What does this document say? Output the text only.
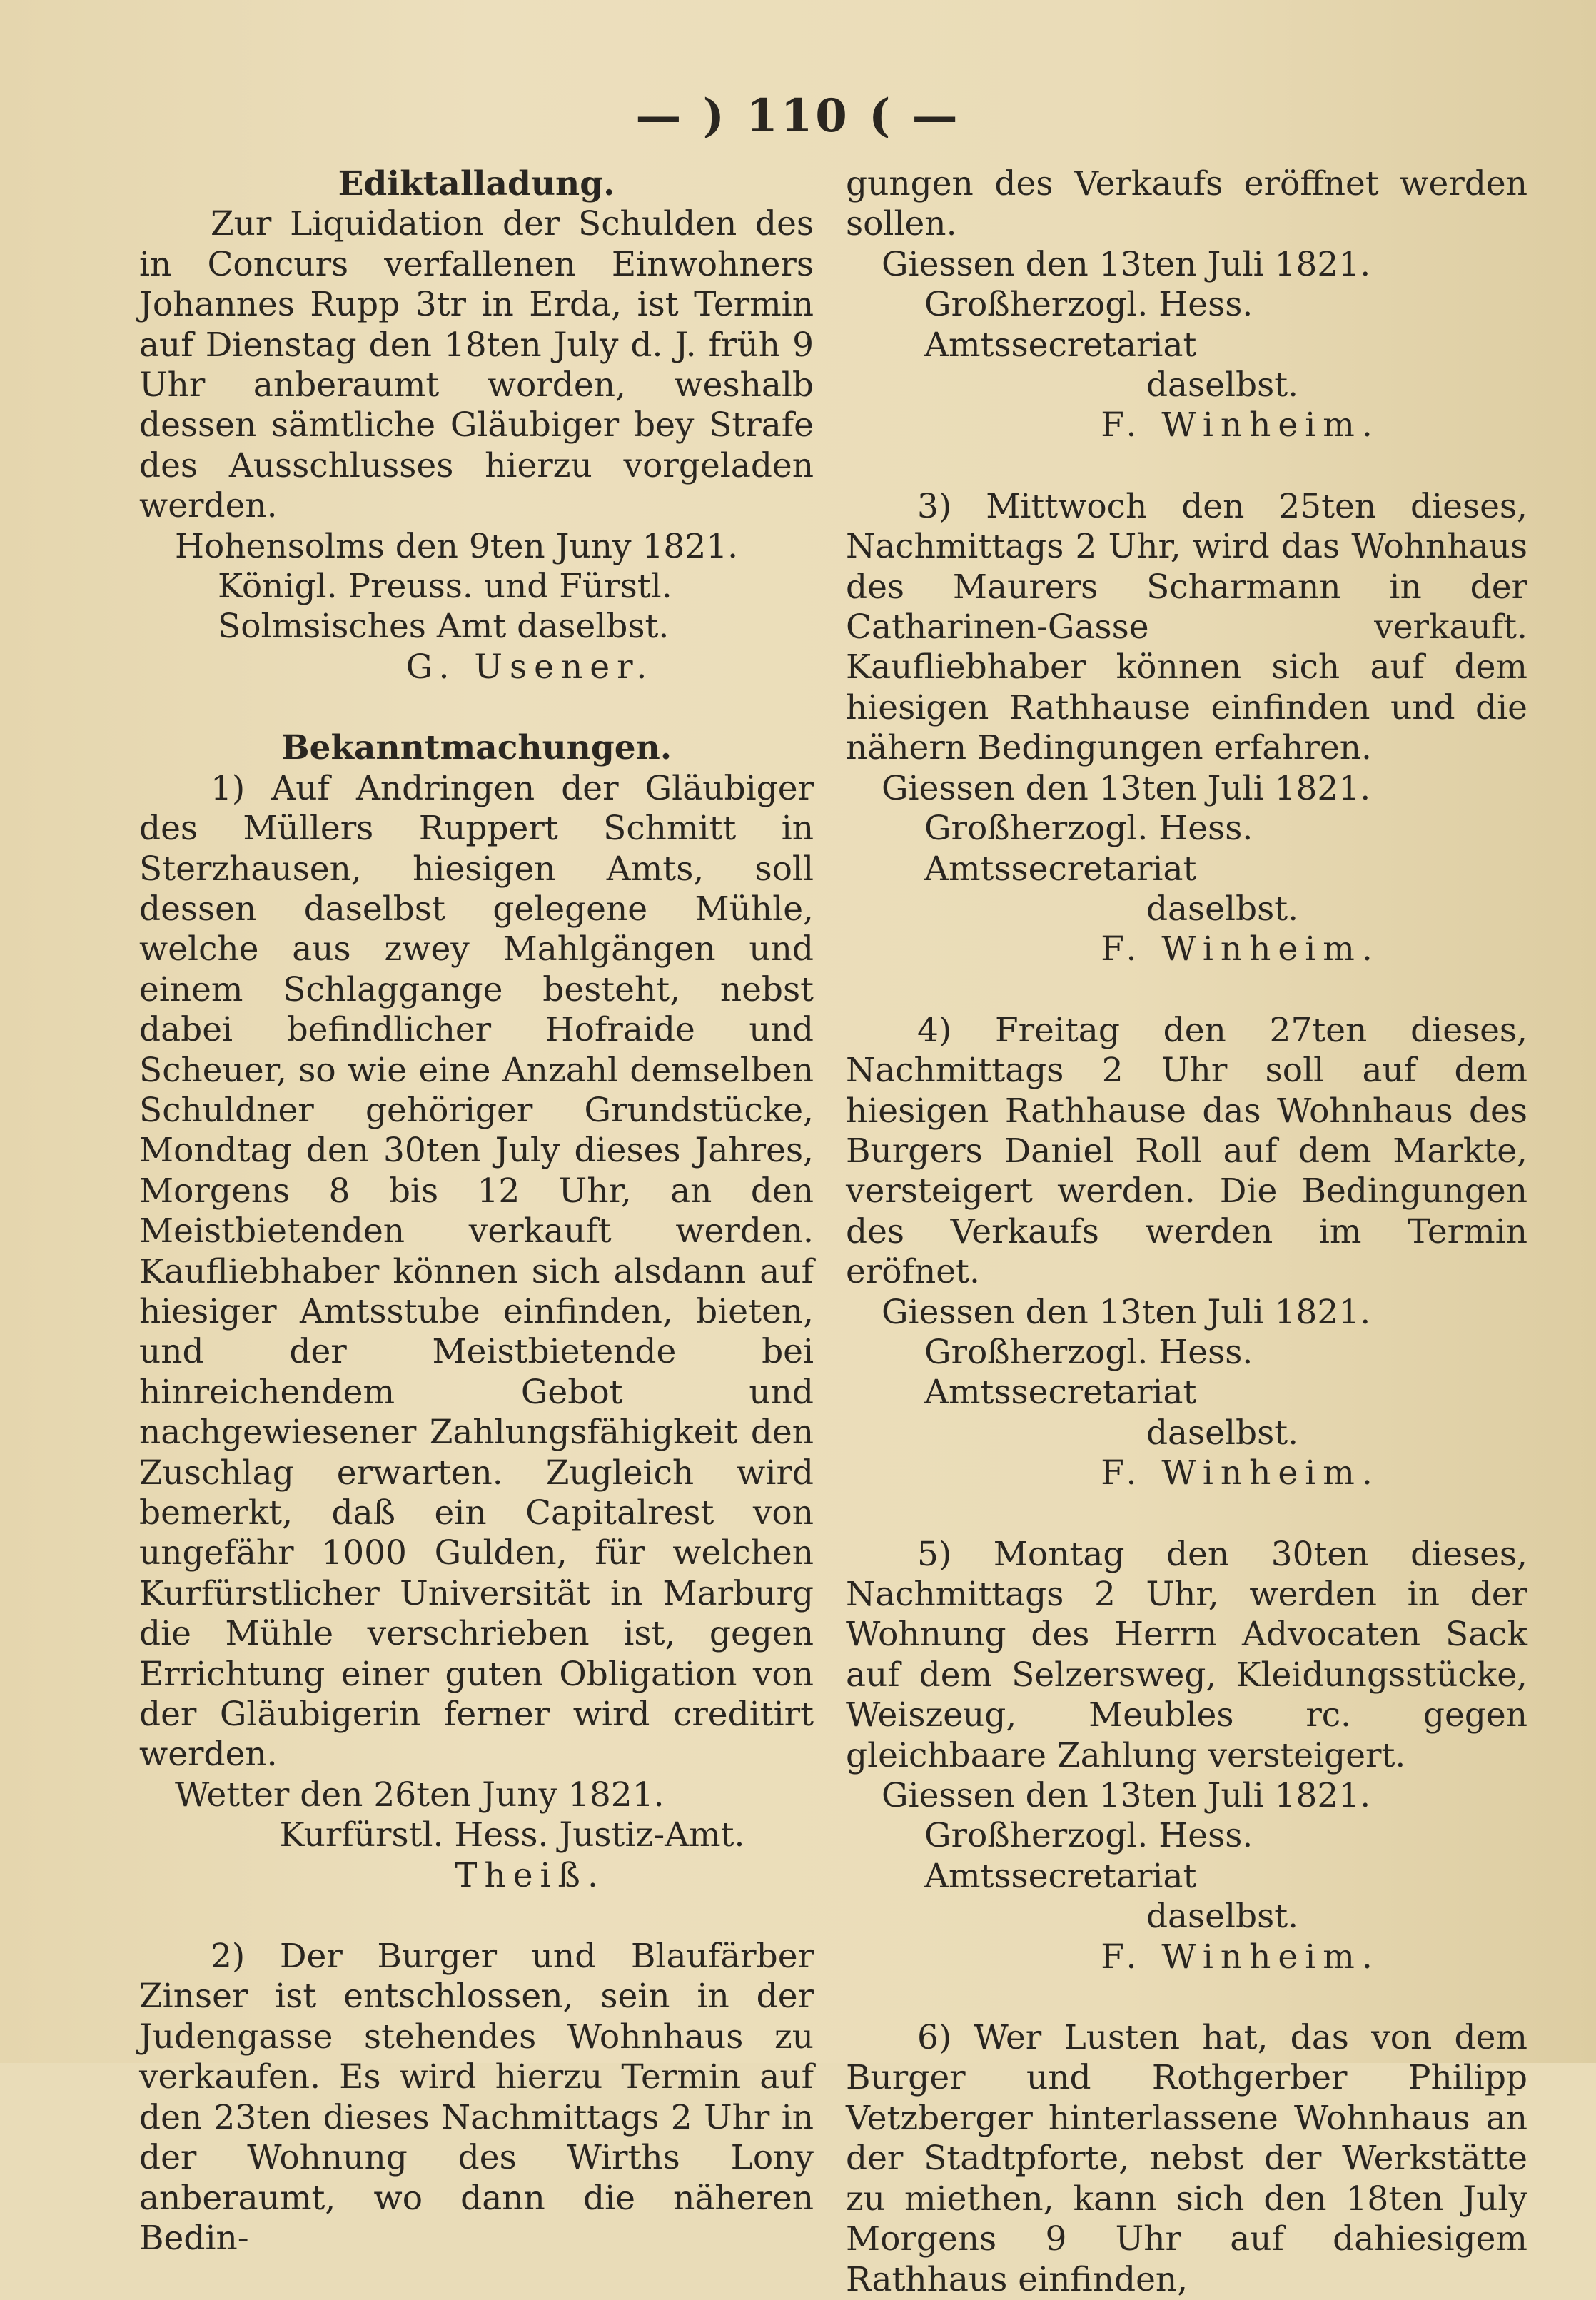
— ) 110 ( —

Ediktalladung.

Zur Liquidation der Schulden des in Concurs verfallenen Einwohners Johannes Rupp 3tr in Erda, ist Termin auf Dienstag den 18ten July d. J. früh 9 Uhr anberaumt worden, weshalb dessen sämtliche Gläubiger bey Strafe des Ausschlusses hierzu vorgeladen werden.

Hohensolms den 9ten Juny 1821.

Königl. Preuss. und Fürstl. Solmsisches Amt daselbst.

G. Usener.

Bekanntmachungen.

1) Auf Andringen der Gläubiger des Müllers Ruppert Schmitt in Sterzhausen, hiesigen Amts, soll dessen daselbst gelegene Mühle, welche aus zwey Mahlgängen und einem Schlaggange besteht, nebst dabei befindlicher Hofraide und Scheuer, so wie eine Anzahl demselben Schuldner gehöriger Grundstücke, Mondtag den 30ten July dieses Jahres, Morgens 8 bis 12 Uhr, an den Meistbietenden verkauft werden. Kaufliebhaber können sich alsdann auf hiesiger Amtsstube einfinden, bieten, und der Meistbietende bei hinreichendem Gebot und nachgewiesener Zahlungsfähigkeit den Zuschlag erwarten. Zugleich wird bemerkt, daß ein Capitalrest von ungefähr 1000 Gulden, für welchen Kurfürstlicher Universität in Marburg die Mühle verschrieben ist, gegen Errichtung einer guten Obligation von der Gläubigerin ferner wird creditirt werden.

Wetter den 26ten Juny 1821.

Kurfürstl. Hess. Justiz-Amt.

Theiß.

2) Der Burger und Blaufärber Zinser ist entschlossen, sein in der Judengasse stehendes Wohnhaus zu verkaufen. Es wird hierzu Termin auf den 23ten dieses Nachmittags 2 Uhr in der Wohnung des Wirths Lony anberaumt, wo dann die näheren Bedin-

gungen des Verkaufs eröffnet werden sollen.

Giessen den 13ten Juli 1821.

Großherzogl. Hess. Amtssecretariat

daselbst.

F. Winheim.

3) Mittwoch den 25ten dieses, Nachmittags 2 Uhr, wird das Wohnhaus des Maurers Scharmann in der Catharinen-Gasse verkauft. Kaufliebhaber können sich auf dem hiesigen Rathhause einfinden und die nähern Bedingungen erfahren.

Giessen den 13ten Juli 1821.

Großherzogl. Hess. Amtssecretariat

daselbst.

F. Winheim.

4) Freitag den 27ten dieses, Nachmittags 2 Uhr soll auf dem hiesigen Rathhause das Wohnhaus des Burgers Daniel Roll auf dem Markte, versteigert werden. Die Bedingungen des Verkaufs werden im Termin eröfnet.

Giessen den 13ten Juli 1821.

Großherzogl. Hess. Amtssecretariat

daselbst.

F. Winheim.

5) Montag den 30ten dieses, Nachmittags 2 Uhr, werden in der Wohnung des Herrn Advocaten Sack auf dem Selzersweg, Kleidungsstücke, Weiszeug, Meubles rc. gegen gleichbaare Zahlung versteigert.

Giessen den 13ten Juli 1821.

Großherzogl. Hess. Amtssecretariat

daselbst.

F. Winheim.

6) Wer Lusten hat, das von dem Burger und Rothgerber Philipp Vetzberger hinterlassene Wohnhaus an der Stadtpforte, nebst der Werkstätte zu miethen, kann sich den 18ten July Morgens 9 Uhr auf dahiesigem Rathhaus einfinden,
